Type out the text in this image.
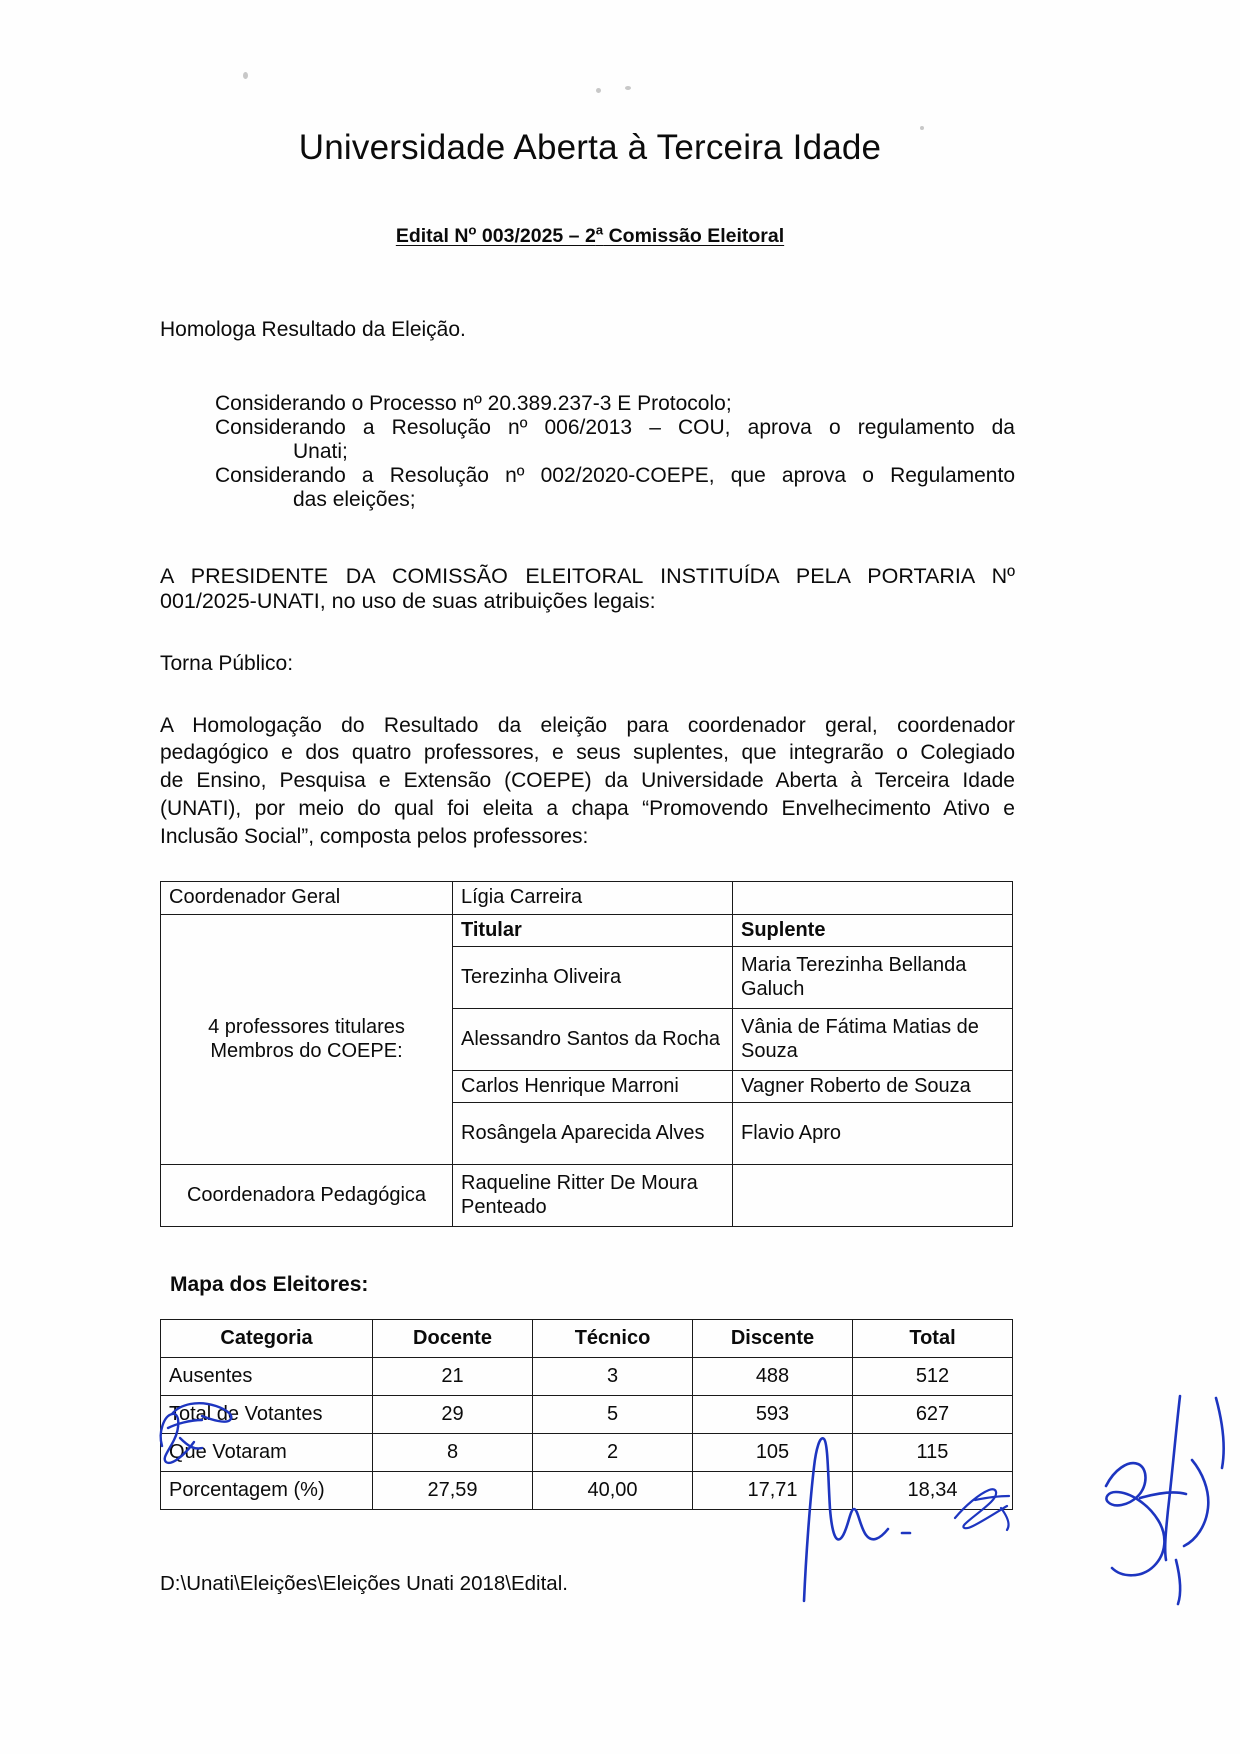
Universidade Aberta à Terceira Idade
Edital $N^o$ 003/2025 – 2$^a$ Comissão Eleitoral
Homologa Resultado da Eleição.
Considerando o Processo nº 20.389.237-3 E Protocolo;
Considerando a Resolução nº 006/2013 – COU, aprova o regulamento da
Unati;
Considerando a Resolução nº 002/2020-COEPE, que aprova o Regulamento
das eleições;
A PRESIDENTE DA COMISSÃO ELEITORAL INSTITUÍDA PELA PORTARIA Nº
001/2025-UNATI, no uso de suas atribuições legais:
Torna Público:

A Homologação do Resultado da eleição para coordenador geral, coordenador

pedagógico e dos quatro professores, e seus suplentes, que integrarão o Colegiado

de Ensino, Pesquisa e Extensão (COEPE) da Universidade Aberta à Terceira Idade

(UNATI), por meio do qual foi eleita a chapa “Promovendo Envelhecimento Ativo e

Inclusão Social”, composta pelos professores:

Coordenador Geral	Lígia Carreira	

4 professores titulares
Membros do COEPE:	Titular	Suplente
	Terezinha Oliveira	Maria Terezinha Bellanda Galuch
	Alessandro Santos da Rocha	Vânia de Fátima Matias de Souza
	Carlos Henrique Marroni	Vagner Roberto de Souza
	Rosângela Aparecida Alves	Flavio Apro
Coordenadora Pedagógica	Raqueline Ritter De Moura Penteado	
Mapa dos Eleitores:
Categoria	Docente	Técnico	Discente	Total
Ausentes	21	3	488	512
Total de Votantes	29	5	593	627
Que Votaram	8	2	105	115
Porcentagem (%)	27,59	40,00	17,71	18,34
D:\Unati\Eleições\Eleições Unati 2018\Edital.
